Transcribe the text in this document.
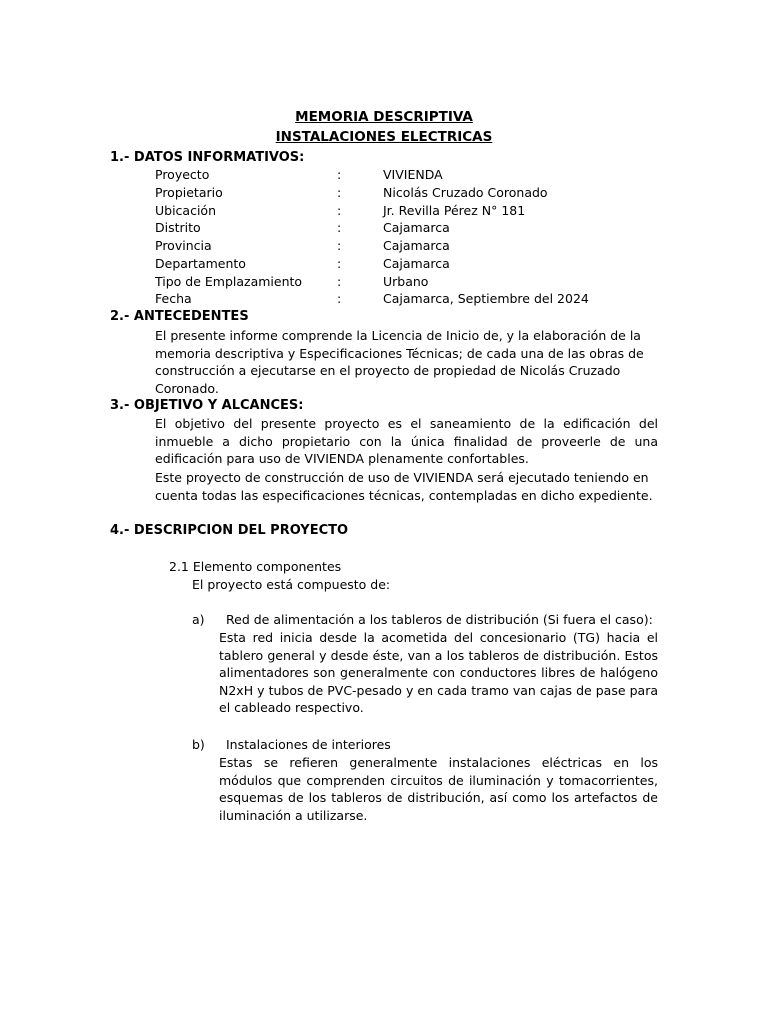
MEMORIA DESCRIPTIVA
INSTALACIONES ELECTRICAS
1.- DATOS INFORMATIVOS:
Proyecto	:	VIVIENDA
Propietario	:	Nicolás Cruzado Coronado
Ubicación	:	Jr. Revilla Pérez N° 181
Distrito	:	Cajamarca
Provincia	:	Cajamarca
Departamento	:	Cajamarca
Tipo de Emplazamiento	:	Urbano
Fecha	:	Cajamarca, Septiembre del 2024
2.- ANTECEDENTES

El presente informe comprende la Licencia de Inicio de, y la elaboración de la memoria descriptiva y Especificaciones Técnicas; de cada una de las obras de construcción a ejecutarse en el proyecto de propiedad de Nicolás Cruzado Coronado.

3.- OBJETIVO Y ALCANCES:

El objetivo del presente proyecto es el saneamiento de la edificación del inmueble a dicho propietario con la única finalidad de proveerle de una edificación para uso de VIVIENDA plenamente confortables.

Este proyecto de construcción de uso de VIVIENDA será ejecutado teniendo en cuenta todas las especificaciones técnicas, contempladas en dicho expediente.

4.- DESCRIPCION DEL PROYECTO
2.1 Elemento componentes
El proyecto está compuesto de:
a) Red de alimentación a los tableros de distribución (Si fuera el caso):

Esta red inicia desde la acometida del concesionario (TG) hacia el tablero general y desde éste, van a los tableros de distribución. Estos alimentadores son generalmente con conductores libres de halógeno N2xH y tubos de PVC-pesado y en cada tramo van cajas de pase para el cableado respectivo.

b) Instalaciones de interiores

Estas se refieren generalmente instalaciones eléctricas en los módulos que comprenden circuitos de iluminación y tomacorrientes, esquemas de los tableros de distribución, así como los artefactos de iluminación a utilizarse.
